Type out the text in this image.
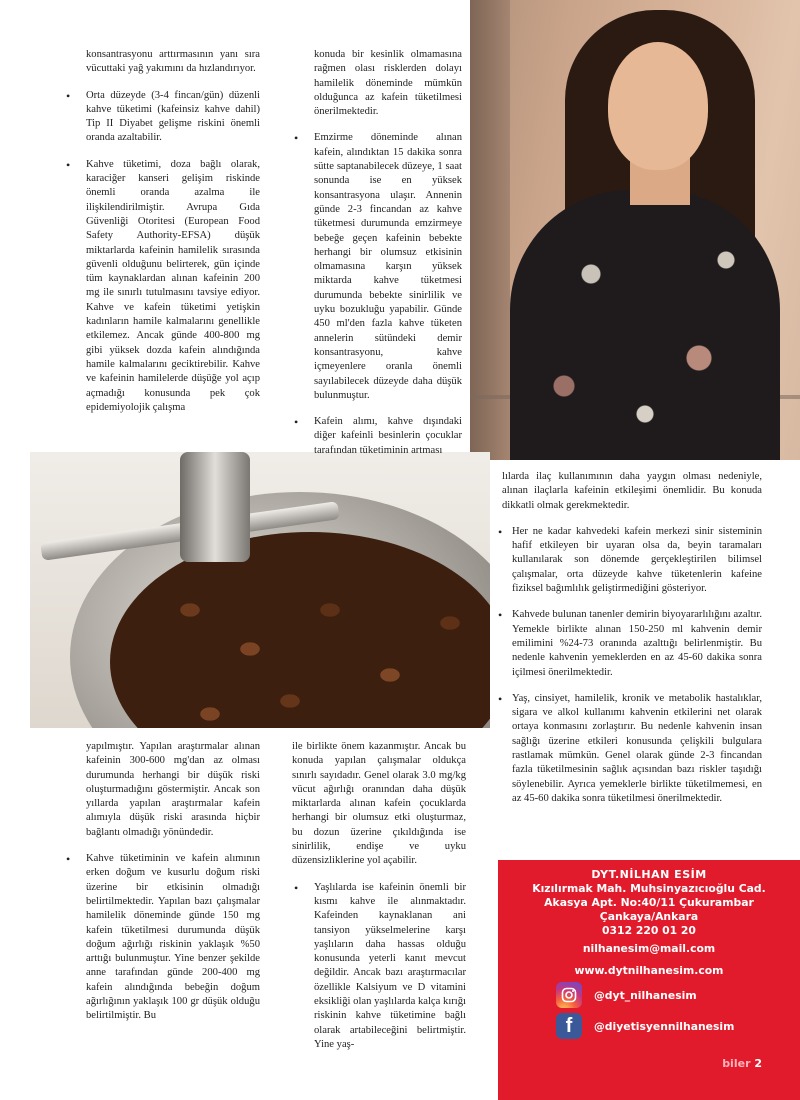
konsantrasyonu arttırmasının yanı sıra vücuttaki yağ yakımını da hızlandırıyor.

• Orta düzeyde (3-4 fincan/gün) düzenli kahve tüketimi (kafeinsiz kahve dahil) Tip II Diyabet gelişme riskini önemli oranda azaltabilir.
• Kahve tüketimi, doza bağlı olarak, karaciğer kanseri gelişim riskinde önemli oranda azalma ile ilişkilendirilmiştir. Avrupa Gıda Güvenliği Otoritesi (European Food Safety Authority-EFSA) düşük miktarlarda kafeinin hamilelik sırasında güvenli olduğunu belirterek, gün içinde tüm kaynaklardan alınan kafeinin 200 mg ile sınırlı tutulmasını tavsiye ediyor. Kahve ve kafein tüketimi yetişkin kadınların hamile kalmalarını genellikle etkilemez. Ancak günde 400-800 mg gibi yüksek dozda kafein alındığında hamile kalmalarını geciktirebilir. Kahve ve kafeinin hamilelerde düşüğe yol açıp açmadığı konusunda pek çok epidemiyolojik çalışma

konuda bir kesinlik olmamasına rağmen olası risklerden dolayı hamilelik döneminde mümkün olduğunca az kafein tüketilmesi önerilmektedir.

• Emzirme döneminde alınan kafein, alındıktan 15 dakika sonra sütte saptanabilecek düzeye, 1 saat sonunda ise en yüksek konsantrasyona ulaşır. Annenin günde 2-3 fincandan az kahve tüketmesi durumunda emzirmeye bebeğe geçen kafeinin bebekte herhangi bir olumsuz etkisinin olmamasına karşın yüksek miktarda kahve tüketmesi durumunda bebekte sinirlilik ve uyku bozukluğu yapabilir. Günde 450 ml'den fazla kahve tüketen annelerin sütündeki demir konsantrasyonu, kahve içmeyenlere oranla önemli sayılabilecek düzeyde daha düşük bulunmuştur.
• Kafein alımı, kahve dışındaki diğer kafeinli besinlerin çocuklar tarafından tüketiminin artması

lılarda ilaç kullanımının daha yaygın olması nedeniyle, alınan ilaçlarla kafeinin etkileşimi önemlidir. Bu konuda dikkatli olmak gerekmektedir.

• Her ne kadar kahvedeki kafein merkezi sinir sisteminin hafif etkileyen bir uyaran olsa da, beyin taramaları kullanılarak son dönemde gerçekleştirilen bilimsel çalışmalar, orta düzeyde kahve tüketenlerin kafeine fiziksel bağımlılık geliştirmediğini gösteriyor.
• Kahvede bulunan tanenler demirin biyoyararlılığını azaltır. Yemekle birlikte alınan 150-250 ml kahvenin demir emilimini %24-73 oranında azalttığı belirlenmiştir. Bu nedenle kahvenin yemeklerden en az 45-60 dakika sonra içilmesi önerilmektedir.
• Yaş, cinsiyet, hamilelik, kronik ve metabolik hastalıklar, sigara ve alkol kullanımı kahvenin etkilerini net olarak ortaya konmasını zorlaştırır. Bu nedenle kahvenin insan sağlığı üzerine etkileri konusunda çelişkili bulgulara rastlamak mümkün. Genel olarak günde 2-3 fincandan fazla tüketilmesinin sağlık açısından bazı riskler taşıdığı söylenebilir. Ayrıca yemeklerle birlikte tüketilmemesi, en az 45-60 dakika sonra tüketilmesi önerilmektedir.

yapılmıştır. Yapılan araştırmalar alınan kafeinin 300-600 mg'dan az olması durumunda herhangi bir düşük riski oluşturmadığını göstermiştir. Ancak son yıllarda yapılan araştırmalar kafein alımıyla düşük riski arasında hiçbir bağlantı olmadığı yönündedir.

• Kahve tüketiminin ve kafein alımının erken doğum ve kusurlu doğum riski üzerine bir etkisinin olmadığı belirtilmektedir. Yapılan bazı çalışmalar hamilelik döneminde günde 150 mg kafein tüketilmesi durumunda düşük doğum ağırlığı riskinin yaklaşık %50 arttığı bulunmuştur. Yine benzer şekilde anne tarafından günde 200-400 mg kafein alındığında bebeğin doğum ağırlığının yaklaşık 100 gr düşük olduğu belirtilmiştir. Bu

ile birlikte önem kazanmıştır. Ancak bu konuda yapılan çalışmalar oldukça sınırlı sayıdadır. Genel olarak 3.0 mg/kg vücut ağırlığı oranından daha düşük miktarlarda alınan kafein çocuklarda herhangi bir olumsuz etki oluşturmaz, bu dozun üzerine çıkıldığında ise sinirlilik, endişe ve uyku düzensizliklerine yol açabilir.

• Yaşlılarda ise kafeinin önemli bir kısmı kahve ile alınmaktadır. Kafeinden kaynaklanan ani tansiyon yükselmelerine karşı yaşlıların daha hassas olduğu konusunda yeterli kanıt mevcut değildir. Ancak bazı araştırmacılar özellikle Kalsiyum ve D vitamini eksikliği olan yaşlılarda kalça kırığı riskinin kahve tüketimine bağlı olarak artabileceğini belirtmiştir. Yine yaş-
DYT.NİLHAN ESİM
Kızılırmak Mah. Muhsinyazıcıoğlu Cad.
Akasya Apt. No:40/11 Çukurambar
Çankaya/Ankara
0312 220 01 20
nilhanesim@mail.com
www.dytnilhanesim.com
@dyt_nilhanesim
f	@diyetisyennilhanesim
biler 2
